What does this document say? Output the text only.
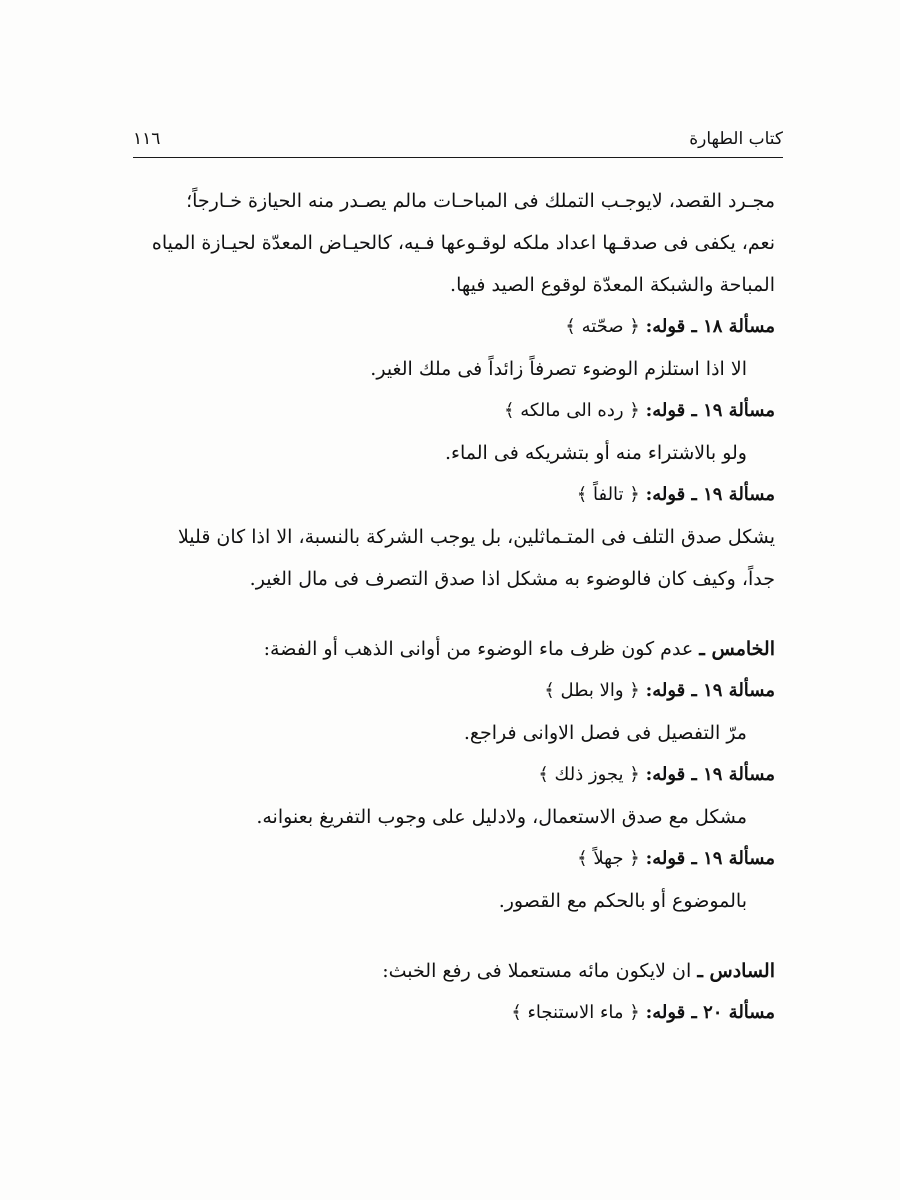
كتاب الطهارة
١١٦
مجـرد القصد، لايوجـب التملك فى المباحـات مالم يصـدر منه الحيازة خـارجاً؛
نعم، يكفى فى صدقـها اعداد ملكه لوقـوعها فـيه، كالحيـاض المعدّة لحيـازة المياه
المباحة والشبكة المعدّة لوقوع الصيد فيها.
مسألة ١٨ ـ قوله: ﴿ صحّته ﴾
الا اذا استلزم الوضوء تصرفاً زائداً فى ملك الغير.
مسألة ١٩ ـ قوله: ﴿ رده الى مالكه ﴾
ولو بالاشتراء منه أو بتشريكه فى الماء.
مسألة ١٩ ـ قوله: ﴿ تالفاً ﴾
يشكل صدق التلف فى المتـماثلين، بل يوجب الشركة بالنسبة، الا اذا كان قليلا
جداً، وكيف كان فالوضوء به مشكل اذا صدق التصرف فى مال الغير.
الخامس ـ عدم كون ظرف ماء الوضوء من أوانى الذهب أو الفضة:
مسألة ١٩ ـ قوله: ﴿ والا بطل ﴾
مرّ التفصيل فى فصل الاوانى فراجع.
مسألة ١٩ ـ قوله: ﴿ يجوز ذلك ﴾
مشكل مع صدق الاستعمال، ولادليل على وجوب التفريغ بعنوانه.
مسألة ١٩ ـ قوله: ﴿ جهلاً ﴾
بالموضوع أو بالحكم مع القصور.
السادس ـ ان لايكون مائه مستعملا فى رفع الخبث:
مسألة ٢٠ ـ قوله: ﴿ ماء الاستنجاء ﴾
